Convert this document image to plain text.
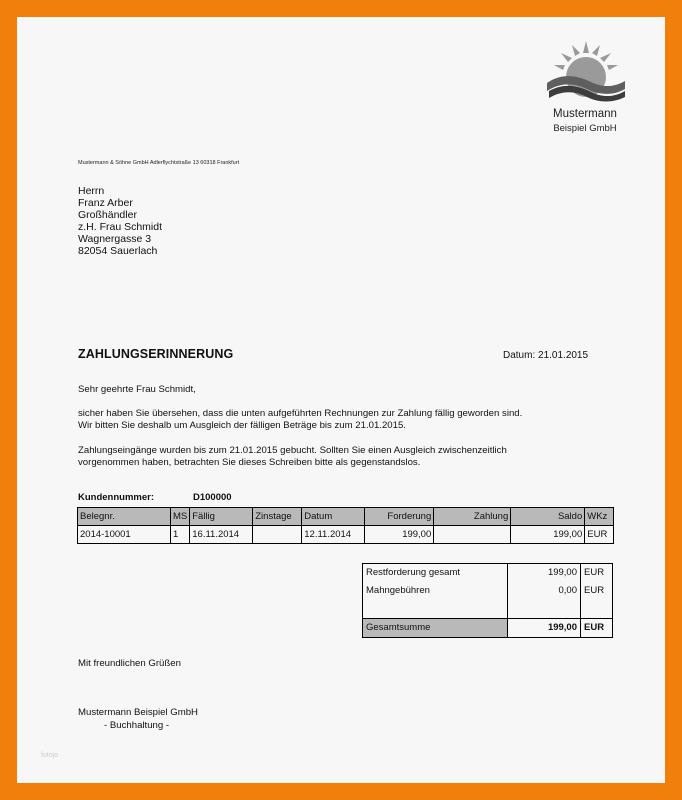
Mustermann
Beispiel GmbH
Mustermann & Söhne GmbH Adlerflychtstraße 13 60318 Frankfurt
Herrn
Franz Arber
Großhändler
z.H. Frau Schmidt
Wagnergasse 3
82054 Sauerlach
ZAHLUNGSERINNERUNG	Datum: 21.01.2015
Sehr geehrte Frau Schmidt,
sicher haben Sie übersehen, dass die unten aufgeführten Rechnungen zur Zahlung fällig geworden sind.
Wir bitten Sie deshalb um Ausgleich der fälligen Beträge bis zum 21.01.2015.
Zahlungseingänge wurden bis zum 21.01.2015 gebucht. Sollten Sie einen Ausgleich zwischenzeitlich
vorgenommen haben, betrachten Sie dieses Schreiben bitte als gegenstandslos.
Kundennummer:	D100000
Belegnr.	MS	Fällig	Zinstage	Datum	Forderung	Zahlung	Saldo	WKz
2014-10001	1	16.11.2014		12.11.2014	199,00		199,00	EUR
Restforderung gesamt	199,00	EUR
Mahngebühren	0,00	EUR
Gesamtsumme	199,00	EUR
Mit freundlichen Grüßen
Mustermann Beispiel GmbH
- Buchhaltung -
fotojo
